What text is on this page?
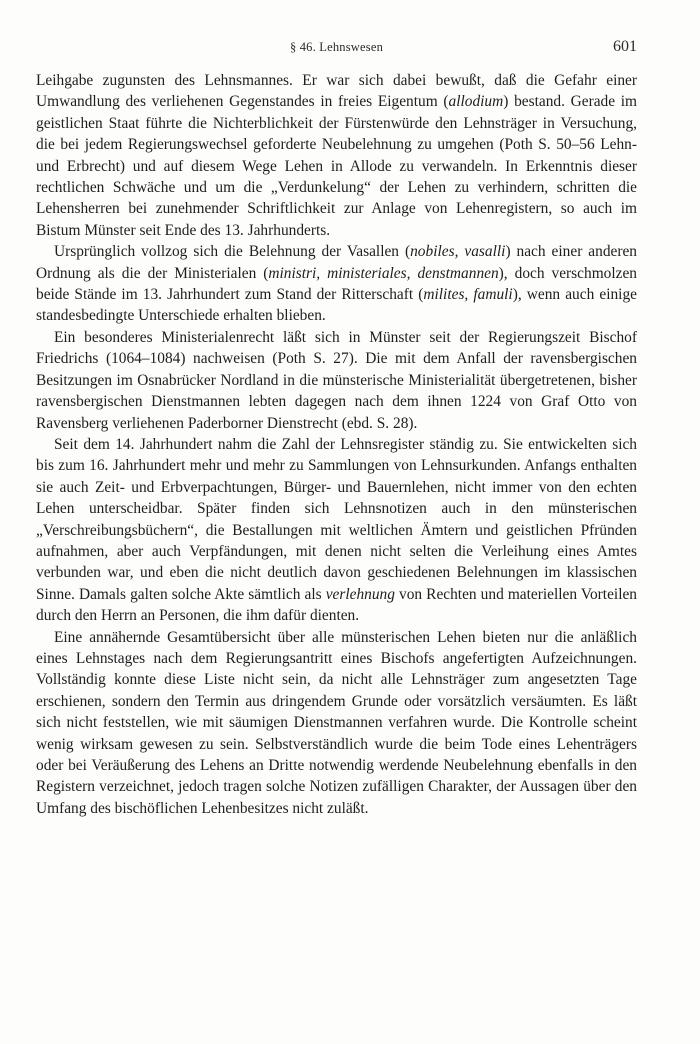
§ 46. Lehnswesen	601

Leihgabe zugunsten des Lehnsmannes. Er war sich dabei bewußt, daß die Gefahr einer Umwandlung des verliehenen Gegenstandes in freies Eigentum (allodium) bestand. Gerade im geistlichen Staat führte die Nichterblichkeit der Fürstenwürde den Lehnsträger in Versuchung, die bei jedem Regierungswechsel geforderte Neubelehnung zu umgehen (Poth S. 50–56 Lehn- und Erbrecht) und auf diesem Wege Lehen in Allode zu verwandeln. In Erkenntnis dieser rechtlichen Schwäche und um die „Verdunkelung“ der Lehen zu verhindern, schritten die Lehensherren bei zunehmender Schriftlichkeit zur Anlage von Lehenregistern, so auch im Bistum Münster seit Ende des 13. Jahrhunderts.

Ursprünglich vollzog sich die Belehnung der Vasallen (nobiles, vasalli) nach einer anderen Ordnung als die der Ministerialen (ministri, ministeriales, denstmannen), doch verschmolzen beide Stände im 13. Jahrhundert zum Stand der Ritterschaft (milites, famuli), wenn auch einige standesbedingte Unterschiede erhalten blieben.

Ein besonderes Ministerialenrecht läßt sich in Münster seit der Regierungszeit Bischof Friedrichs (1064–1084) nachweisen (Poth S. 27). Die mit dem Anfall der ravensbergischen Besitzungen im Osnabrücker Nordland in die münsterische Ministerialität übergetretenen, bisher ravensbergischen Dienstmannen lebten dagegen nach dem ihnen 1224 von Graf Otto von Ravensberg verliehenen Paderborner Dienstrecht (ebd. S. 28).

Seit dem 14. Jahrhundert nahm die Zahl der Lehnsregister ständig zu. Sie entwickelten sich bis zum 16. Jahrhundert mehr und mehr zu Sammlungen von Lehnsurkunden. Anfangs enthalten sie auch Zeit- und Erbverpachtungen, Bürger- und Bauernlehen, nicht immer von den echten Lehen unterscheidbar. Später finden sich Lehnsnotizen auch in den münsterischen „Verschreibungsbüchern“, die Bestallungen mit weltlichen Ämtern und geistlichen Pfründen aufnahmen, aber auch Verpfändungen, mit denen nicht selten die Verleihung eines Amtes verbunden war, und eben die nicht deutlich davon geschiedenen Belehnungen im klassischen Sinne. Damals galten solche Akte sämtlich als verlehnung von Rechten und materiellen Vorteilen durch den Herrn an Personen, die ihm dafür dienten.

Eine annähernde Gesamtübersicht über alle münsterischen Lehen bieten nur die anläßlich eines Lehnstages nach dem Regierungsantritt eines Bischofs angefertigten Aufzeichnungen. Vollständig konnte diese Liste nicht sein, da nicht alle Lehnsträger zum angesetzten Tage erschienen, sondern den Termin aus dringendem Grunde oder vorsätzlich versäumten. Es läßt sich nicht feststellen, wie mit säumigen Dienstmannen verfahren wurde. Die Kontrolle scheint wenig wirksam gewesen zu sein. Selbstverständlich wurde die beim Tode eines Lehenträgers oder bei Veräußerung des Lehens an Dritte notwendig werdende Neubelehnung ebenfalls in den Registern verzeichnet, jedoch tragen solche Notizen zufälligen Charakter, der Aussagen über den Umfang des bischöflichen Lehenbesitzes nicht zuläßt.
